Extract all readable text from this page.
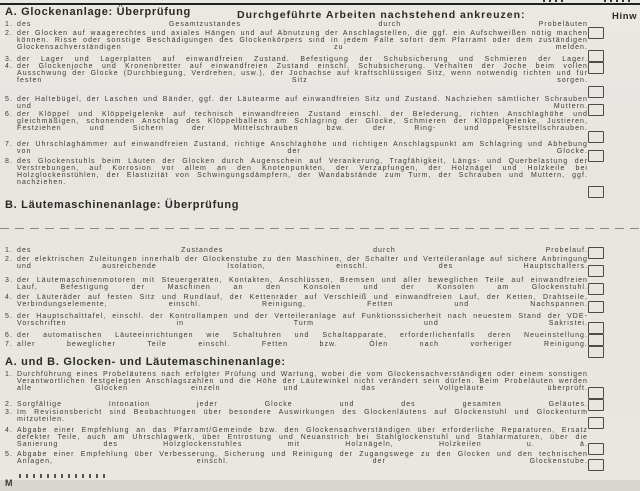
A. Glockenanlage: Überprüfung	Durchgeführte Arbeiten nachstehend ankreuzen:	Hinw
1. des Gesamtzustandes durch Probeläuten
2. der Glocken auf waagerechtes und axiales Hängen und auf Abnutzung der Anschlagstellen, die ggf. ein Aufschweißen nötig machen können. Risse oder sonstige Beschädigungen des Glockenkörpers sind in jedem Falle sofort dem Pfarramt oder dem zuständigen Glockensachverständigen zu melden.
3. der Lager und Lagerplatten auf einwandfreien Zustand. Befestigung der Schubsicherung und Schmieren der Lager.
4. der Glockenjoche und Kronenbretter auf einwandfreien Zustand einschl. Schubsicherung. Verhalten der Joche beim vollen Ausschwung der Glocke (Durchbiegung, Verdrehen, usw.), der Jochachse auf kraftschlüssigen Sitz, wenn notwendig richten und für festen Sitz sorgen.
5. der Haltebügel, der Laschen und Bänder, ggf. der Läutearme auf einwandfreien Sitz und Zustand. Nachziehen sämtlicher Schrauben und Muttern.
6. der Klöppel und Klöppelgelenke auf technisch einwandfreien Zustand einschl. der Belederung, richten Anschlaghöhe und gleichmäßigen, schonenden Anschlag des Klöppelballens am Schlagring der Glocke, Schmieren der Klöppelgelenke, Justieren, Festziehen und Sichern der Mittelschrauben bzw. der Ring- und Feststellschrauben.
7. der Uhrschlaghämmer auf einwandfreien Zustand, richtige Anschlaghöhe und richtigen Anschlagspunkt am Schlagring und Abhebung von der Glocke.
8. des Glockenstuhls beim Läuten der Glocken durch Augenschein auf Verankerung, Tragfähigkeit, Längs- und Querbelastung der Verstrebungen, auf Korrosion vor allem an den Knotenpunkten, der Verzapfungen, der Holznägel und Holzkeile bei Holzglockenstühlen, der Elastizität von Schwingungsdämpfern, der Wandabstände zum Turm, der Schrauben und Muttern, ggf. nachziehen.
B. Läutemaschinenanlage: Überprüfung
1. des Zustandes durch Probelauf.
2. der elektrischen Zuleitungen innerhalb der Glockenstube zu den Maschinen, der Schalter und Verteileranlage auf sichere Anbringung und ausreichende Isolation, einschl. des Hauptschalters.
3. der Läutemaschinenmotoren mit Steuergeräten, Kontakten, Anschlüssen, Bremsen und aller beweglichen Teile auf einwandfreien Lauf, Befestigung der Maschinen an den Konsolen und der Konsolen am Glockenstuhl.
4. der Läuteräder auf festen Sitz und Rundlauf, der Kettenräder auf Verschleiß und einwandfreien Lauf, der Ketten, Drahtseile, Verbindungselemente, einschl. Reinigung, Fetten und Nachspannen.
5. der Hauptschalttafel, einschl. der Kontrollampen und der Verteileranlage auf Funktionssicherheit nach neuestem Stand der VDE-Vorschriften in Turm und Sakristei.
6. der automatischen Läuteeinrichtungen wie Schaltuhren und Schaltapparate, erforderlichenfalls deren Neueinstellung.
7. aller beweglicher Teile einschl. Fetten bzw. Ölen nach vorheriger Reinigung.
A. und B. Glocken- und Läutemaschinenanlage:
1. Durchführung eines Probeläutens nach erfolgter Prüfung und Wartung, wobei die vom Glockensachverständigen oder einem sonstigen Verantwortlichen festgelegten Anschlagszahlen und die Höhe der Läutewinkel nicht verändert sein dürfen. Beim Probeläuten werden alle Glocken einzeln und das Vollgeläute überprüft.
2. Sorgfältige Intonation jeder Glocke und des gesamten Geläutes.
3. Im Revisionsbericht sind Beobachtungen über besondere Auswirkungen des Glockenläutens auf Glockenstuhl und Glockenturm mitzuteilen.
4. Abgabe einer Empfehlung an das Pfarramt/Gemeinde bzw. den Glockensachverständigen über erforderliche Reparaturen, Ersatz defekter Teile, auch am Uhrschlagwerk, über Entrostung und Neuanstrich bei Stahlglockenstuhl und Stahlarmaturen, über die Sanierung des Holzglockenstuhles mit Holznägeln, Holzkeilen u. ä.
5. Abgabe einer Empfehlung über Verbesserung, Sicherung und Reinigung der Zugangswege zu den Glocken und den technischen Anlagen, einschl. der Glockenstube.
M
